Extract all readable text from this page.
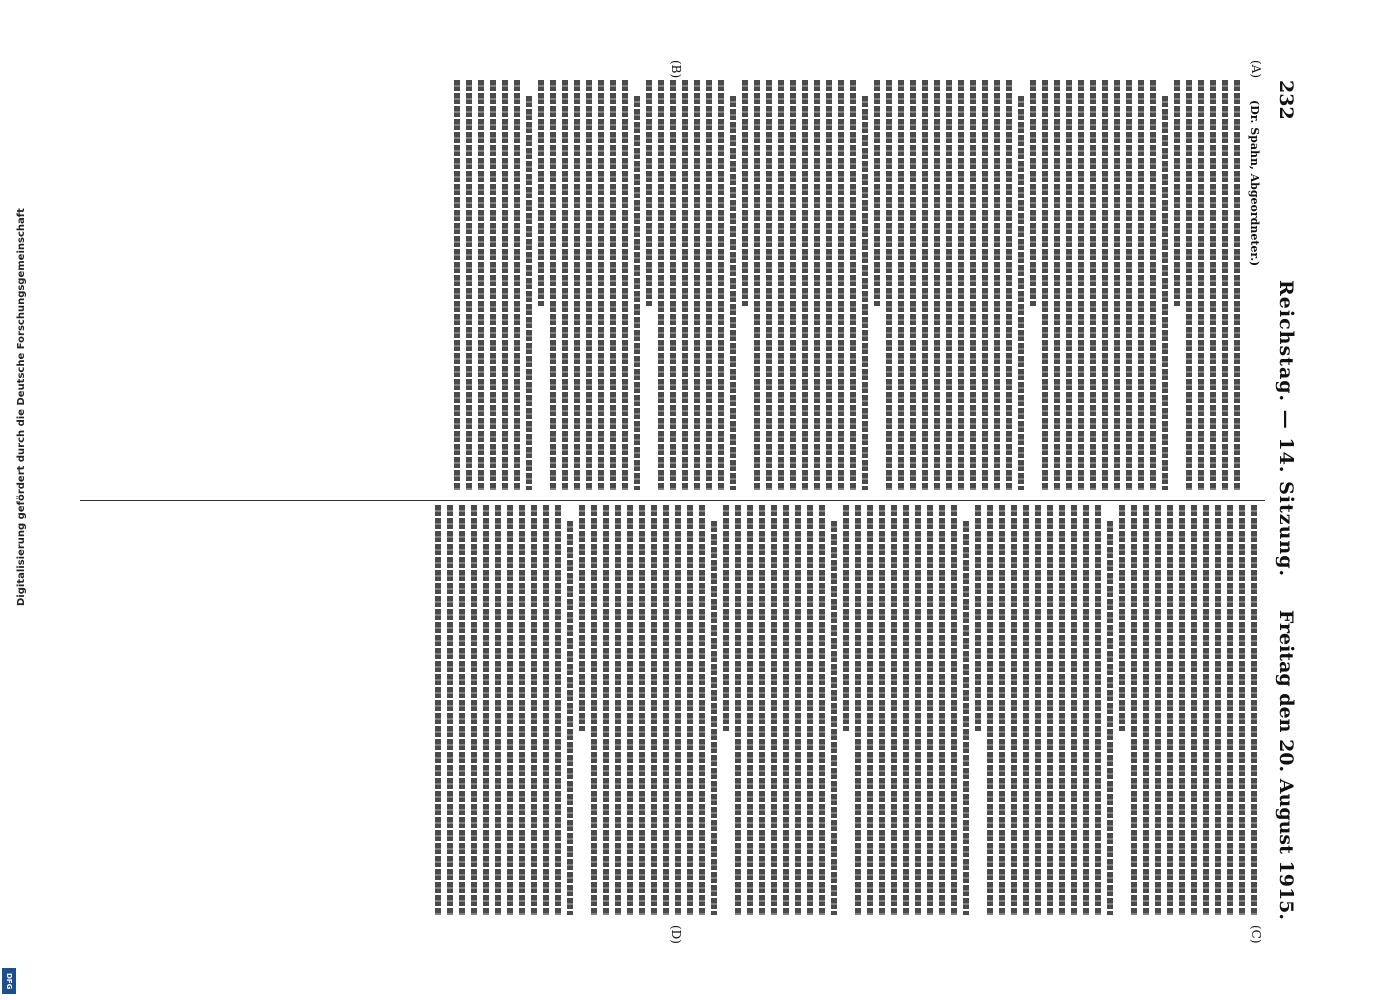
232
Reichstag. — 14. Sitzung.
Freitag den 20. August 1915.
(A)
(B)
(C)
(D)
(Dr. Spahn, Abgeordneter.)
Digitalisierung gefördert durch die Deutsche Forschungsgemeinschaft
DFG
